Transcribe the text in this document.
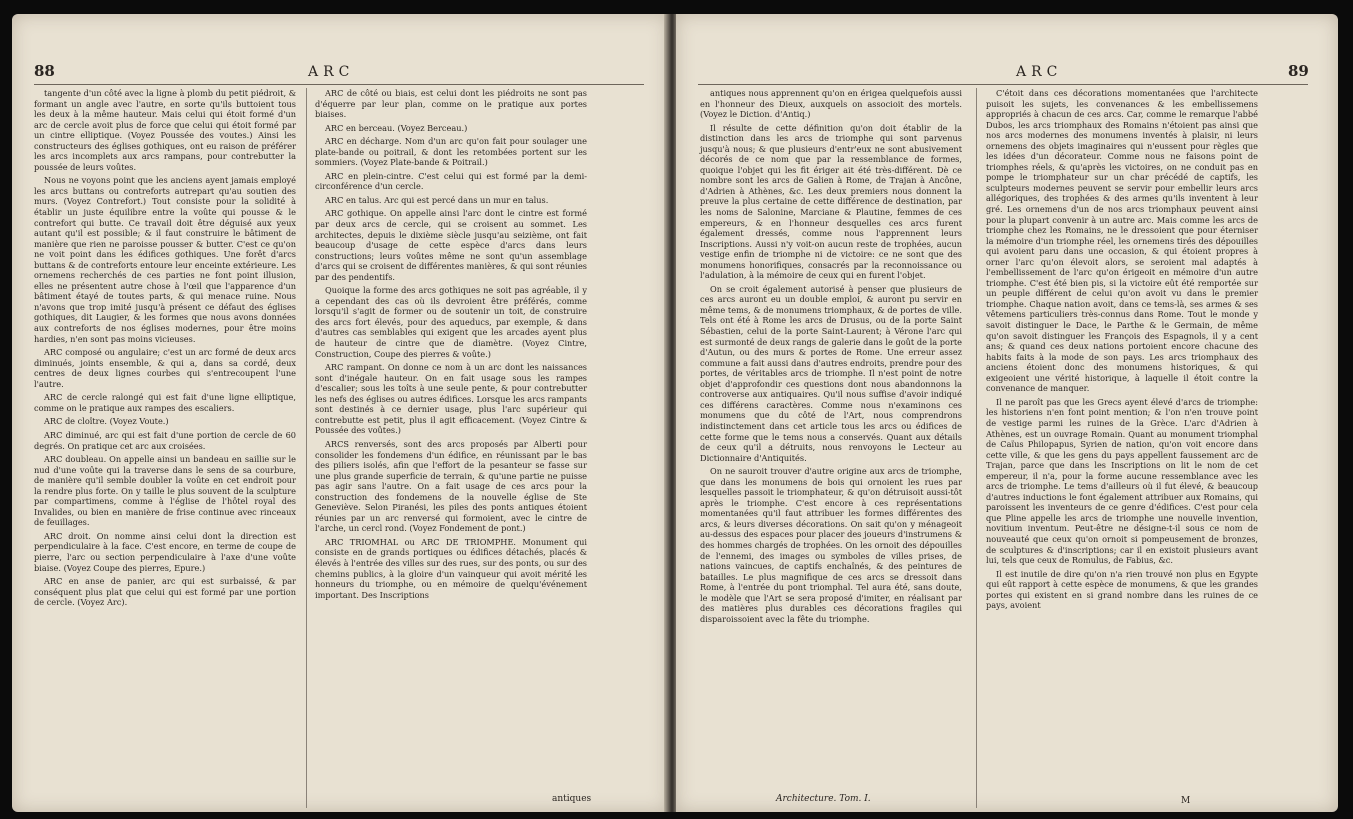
88	ARC

tangente d'un côté avec la ligne à plomb du petit piédroit, & formant un angle avec l'autre, en sorte qu'ils buttoient tous les deux à la même hauteur. Mais celui qui étoit formé d'un arc de cercle avoit plus de force que celui qui étoit formé par un cintre elliptique. (Voyez Poussée des voutes.) Ainsi les constructeurs des églises gothiques, ont eu raison de préférer les arcs incomplets aux arcs rampans, pour contrebutter la poussée de leurs voûtes.

Nous ne voyons point que les anciens ayent jamais employé les arcs buttans ou contreforts autrepart qu'au soutien des murs. (Voyez Contrefort.) Tout consiste pour la solidité à établir un juste équilibre entre la voûte qui pousse & le contrefort qui butte. Ce travail doit être déguisé aux yeux autant qu'il est possible; & il faut construire le bâtiment de manière que rien ne paroisse pousser & butter. C'est ce qu'on ne voit point dans les édifices gothiques. Une forêt d'arcs buttans & de contreforts entoure leur enceinte extérieure. Les ornemens recherchés de ces parties ne font point illusion, elles ne présentent autre chose à l'œil que l'apparence d'un bâtiment étayé de toutes parts, & qui menace ruine. Nous n'avons que trop imité jusqu'à présent ce défaut des églises gothiques, dit Laugier, & les formes que nous avons données aux contreforts de nos églises modernes, pour être moins hardies, n'en sont pas moins vicieuses.

ARC composé ou angulaire; c'est un arc formé de deux arcs diminués, joints ensemble, & qui a, dans sa cordé, deux centres de deux lignes courbes qui s'entrecoupent l'une l'autre.

ARC de cercle ralongé qui est fait d'une ligne elliptique, comme on le pratique aux rampes des escaliers.

ARC de cloître. (Voyez Voute.)

ARC diminué, arc qui est fait d'une portion de cercle de 60 degrés. On pratique cet arc aux croisées.

ARC doubleau. On appelle ainsi un bandeau en saillie sur le nud d'une voûte qui la traverse dans le sens de sa courbure, de manière qu'il semble doubler la voûte en cet endroit pour la rendre plus forte. On y taille le plus souvent de la sculpture par compartimens, comme à l'église de l'hôtel royal des Invalides, ou bien en manière de frise continue avec rinceaux de feuillages.

ARC droit. On nomme ainsi celui dont la direction est perpendiculaire à la face. C'est encore, en terme de coupe de pierre, l'arc ou section perpendiculaire à l'axe d'une voûte biaise. (Voyez Coupe des pierres, Epure.)

ARC en anse de panier, arc qui est surbaissé, & par conséquent plus plat que celui qui est formé par une portion de cercle. (Voyez Arc).

ARC de côté ou biais, est celui dont les piédroits ne sont pas d'équerre par leur plan, comme on le pratique aux portes biaises.

ARC en berceau. (Voyez Berceau.)

ARC en décharge. Nom d'un arc qu'on fait pour soulager une plate-bande ou poitrail, & dont les retombées portent sur les sommiers. (Voyez Plate-bande & Poitrail.)

ARC en plein-cintre. C'est celui qui est formé par la demi-circonférence d'un cercle.

ARC en talus. Arc qui est percé dans un mur en talus.

ARC gothique. On appelle ainsi l'arc dont le cintre est formé par deux arcs de cercle, qui se croisent au sommet. Les architectes, depuis le dixième siècle jusqu'au seizième, ont fait beaucoup d'usage de cette espèce d'arcs dans leurs constructions; leurs voûtes même ne sont qu'un assemblage d'arcs qui se croisent de différentes manières, & qui sont réunies par des pendentifs.

Quoique la forme des arcs gothiques ne soit pas agréable, il y a cependant des cas où ils devroient être préférés, comme lorsqu'il s'agit de former ou de soutenir un toit, de construire des arcs fort élevés, pour des aqueducs, par exemple, & dans d'autres cas semblables qui exigent que les arcades ayent plus de hauteur de cintre que de diamètre. (Voyez Cintre, Construction, Coupe des pierres & voûte.)

ARC rampant. On donne ce nom à un arc dont les naissances sont d'inégale hauteur. On en fait usage sous les rampes d'escalier; sous les toîts à une seule pente, & pour contrebutter les nefs des églises ou autres édifices. Lorsque les arcs rampants sont destinés à ce dernier usage, plus l'arc supérieur qui contrebutte est petit, plus il agit efficacement. (Voyez Cintre & Poussée des voûtes.)

ARCS renversés, sont des arcs proposés par Alberti pour consolider les fondemens d'un édifice, en réunissant par le bas des piliers isolés, afin que l'effort de la pesanteur se fasse sur une plus grande superficie de terrain, & qu'une partie ne puisse pas agir sans l'autre. On a fait usage de ces arcs pour la construction des fondemens de la nouvelle église de Ste Geneviève. Selon Piranési, les piles des ponts antiques étoient réunies par un arc renversé qui formoient, avec le cintre de l'arche, un cercl rond. (Voyez Fondement de pont.)

ARC TRIOMHAL ou ARC DE TRIOMPHE. Monument qui consiste en de grands portiques ou édifices détachés, placés & élevés à l'entrée des villes sur des rues, sur des ponts, ou sur des chemins publics, à la gloire d'un vainqueur qui avoit mérité les honneurs du triomphe, ou en mémoire de quelqu'événement important. Des Inscriptions

antiques
ARC	89

antiques nous apprennent qu'on en érigea quelquefois aussi en l'honneur des Dieux, auxquels on associoit des mortels. (Voyez le Diction. d'Antiq.)

Il résulte de cette définition qu'on doit établir de la distinction dans les arcs de triomphe qui sont parvenus jusqu'à nous; & que plusieurs d'entr'eux ne sont abusivement décorés de ce nom que par la ressemblance de formes, quoique l'objet qui les fit ériger ait été très-différent. Dè ce nombre sont les arcs de Galien à Rome, de Trajan à Ancône, d'Adrien à Athènes, &c. Les deux premiers nous donnent la preuve la plus certaine de cette différence de destination, par les noms de Salonine, Marciane & Plautine, femmes de ces empereurs, & en l'honneur desquelles ces arcs furent également dressés, comme nous l'apprennent leurs Inscriptions. Aussi n'y voit-on aucun reste de trophées, aucun vestige enfin de triomphe ni de victoire: ce ne sont que des monumens honorifiques, consacrés par la reconnoissance ou l'adulation, à la mémoire de ceux qui en furent l'objet.

On se croit également autorisé à penser que plusieurs de ces arcs auront eu un double emploi, & auront pu servir en même tems, & de monumens triomphaux, & de portes de ville. Tels ont été à Rome les arcs de Drusus, ou de la porte Saint Sébastien, celui de la porte Saint-Laurent; à Vérone l'arc qui est surmonté de deux rangs de galerie dans le goût de la porte d'Autun, ou des murs & portes de Rome. Une erreur assez commune a fait aussi dans d'autres endroits, prendre pour des portes, de véritables arcs de triomphe. Il n'est point de notre objet d'approfondir ces questions dont nous abandonnons la controverse aux antiquaires. Qu'il nous suffise d'avoir indiqué ces différens caractères. Comme nous n'examinons ces monumens que du côté de l'Art, nous comprendrons indistinctement dans cet article tous les arcs ou édifices de cette forme que le tems nous a conservés. Quant aux détails de ceux qu'il a détruits, nous renvoyons le Lecteur au Dictionnaire d'Antiquités.

On ne sauroit trouver d'autre origine aux arcs de triomphe, que dans les monumens de bois qui ornoient les rues par lesquelles passoit le triomphateur, & qu'on détruisoit aussi-tôt après le triomphe. C'est encore à ces représentations momentanées qu'il faut attribuer les formes différentes des arcs, & leurs diverses décorations. On sait qu'on y ménageoit au-dessus des espaces pour placer des joueurs d'instrumens & des hommes chargés de trophées. On les ornoit des dépouilles de l'ennemi, des images ou symboles de villes prises, de nations vaincues, de captifs enchaînés, & des peintures de batailles. Le plus magnifique de ces arcs se dressoit dans Rome, à l'entrée du pont triomphal. Tel aura été, sans doute, le modèle que l'Art se sera proposé d'imiter, en réalisant par des matières plus durables ces décorations fragiles qui disparoissoient avec la fête du triomphe.

C'étoit dans ces décorations momentanées que l'architecte puisoit les sujets, les convenances & les embellissemens appropriés à chacun de ces arcs. Car, comme le remarque l'abbé Dubos, les arcs triomphaux des Romains n'étoient pas ainsi que nos arcs modernes des monumens inventés à plaisir, ni leurs ornemens des objets imaginaires qui n'eussent pour règles que les idées d'un décorateur. Comme nous ne faisons point de triomphes réels, & qu'après les victoires, on ne conduit pas en pompe le triomphateur sur un char précédé de captifs, les sculpteurs modernes peuvent se servir pour embellir leurs arcs allégoriques, des trophées & des armes qu'ils inventent à leur gré. Les ornemens d'un de nos arcs triomphaux peuvent ainsi pour la plupart convenir à un autre arc. Mais comme les arcs de triomphe chez les Romains, ne le dressoient que pour éterniser la mémoire d'un triomphe réel, les ornemens tirés des dépouilles qui avoient paru dans une occasion, & qui étoient propres à orner l'arc qu'on élevoit alors, se seroient mal adaptés à l'embellissement de l'arc qu'on érigeoit en mémoire d'un autre triomphe. C'est été bien pis, si la victoire eût été remportée sur un peuple différent de celui qu'on avoit vu dans le premier triomphe. Chaque nation avoit, dans ce tems-là, ses armes & ses vêtemens particuliers très-connus dans Rome. Tout le monde y savoit distinguer le Dace, le Parthe & le Germain, de même qu'on savoit distinguer les François des Espagnols, il y a cent ans; & quand ces deux nations portoient encore chacune des habits faits à la mode de son pays. Les arcs triomphaux des anciens étoient donc des monumens historiques, & qui exigeoient une vérité historique, à laquelle il étoit contre la convenance de manquer.

Il ne paroît pas que les Grecs ayent élevé d'arcs de triomphe: les historiens n'en font point mention; & l'on n'en trouve point de vestige parmi les ruines de la Grèce. L'arc d'Adrien à Athènes, est un ouvrage Romain. Quant au monument triomphal de Caïus Philopapus, Syrien de nation, qu'on voit encore dans cette ville, & que les gens du pays appellent faussement arc de Trajan, parce que dans les Inscriptions on lit le nom de cet empereur, il n'a, pour la forme aucune ressemblance avec les arcs de triomphe. Le tems d'ailleurs où il fut élevé, & beaucoup d'autres inductions le font également attribuer aux Romains, qui paroissent les inventeurs de ce genre d'édifices. C'est pour cela que Pline appelle les arcs de triomphe une nouvelle invention, novitium inventum. Peut-être ne désigne-t-il sous ce nom de nouveauté que ceux qu'on ornoit si pompeusement de bronzes, de sculptures & d'inscriptions; car il en existoit plusieurs avant lui, tels que ceux de Romulus, de Fabius, &c.

Il est inutile de dire qu'on n'a rien trouvé non plus en Egypte qui eût rapport à cette espèce de monumens, & que les grandes portes qui existent en si grand nombre dans les ruines de ce pays, avoient

Architecture. Tom. I.	M
